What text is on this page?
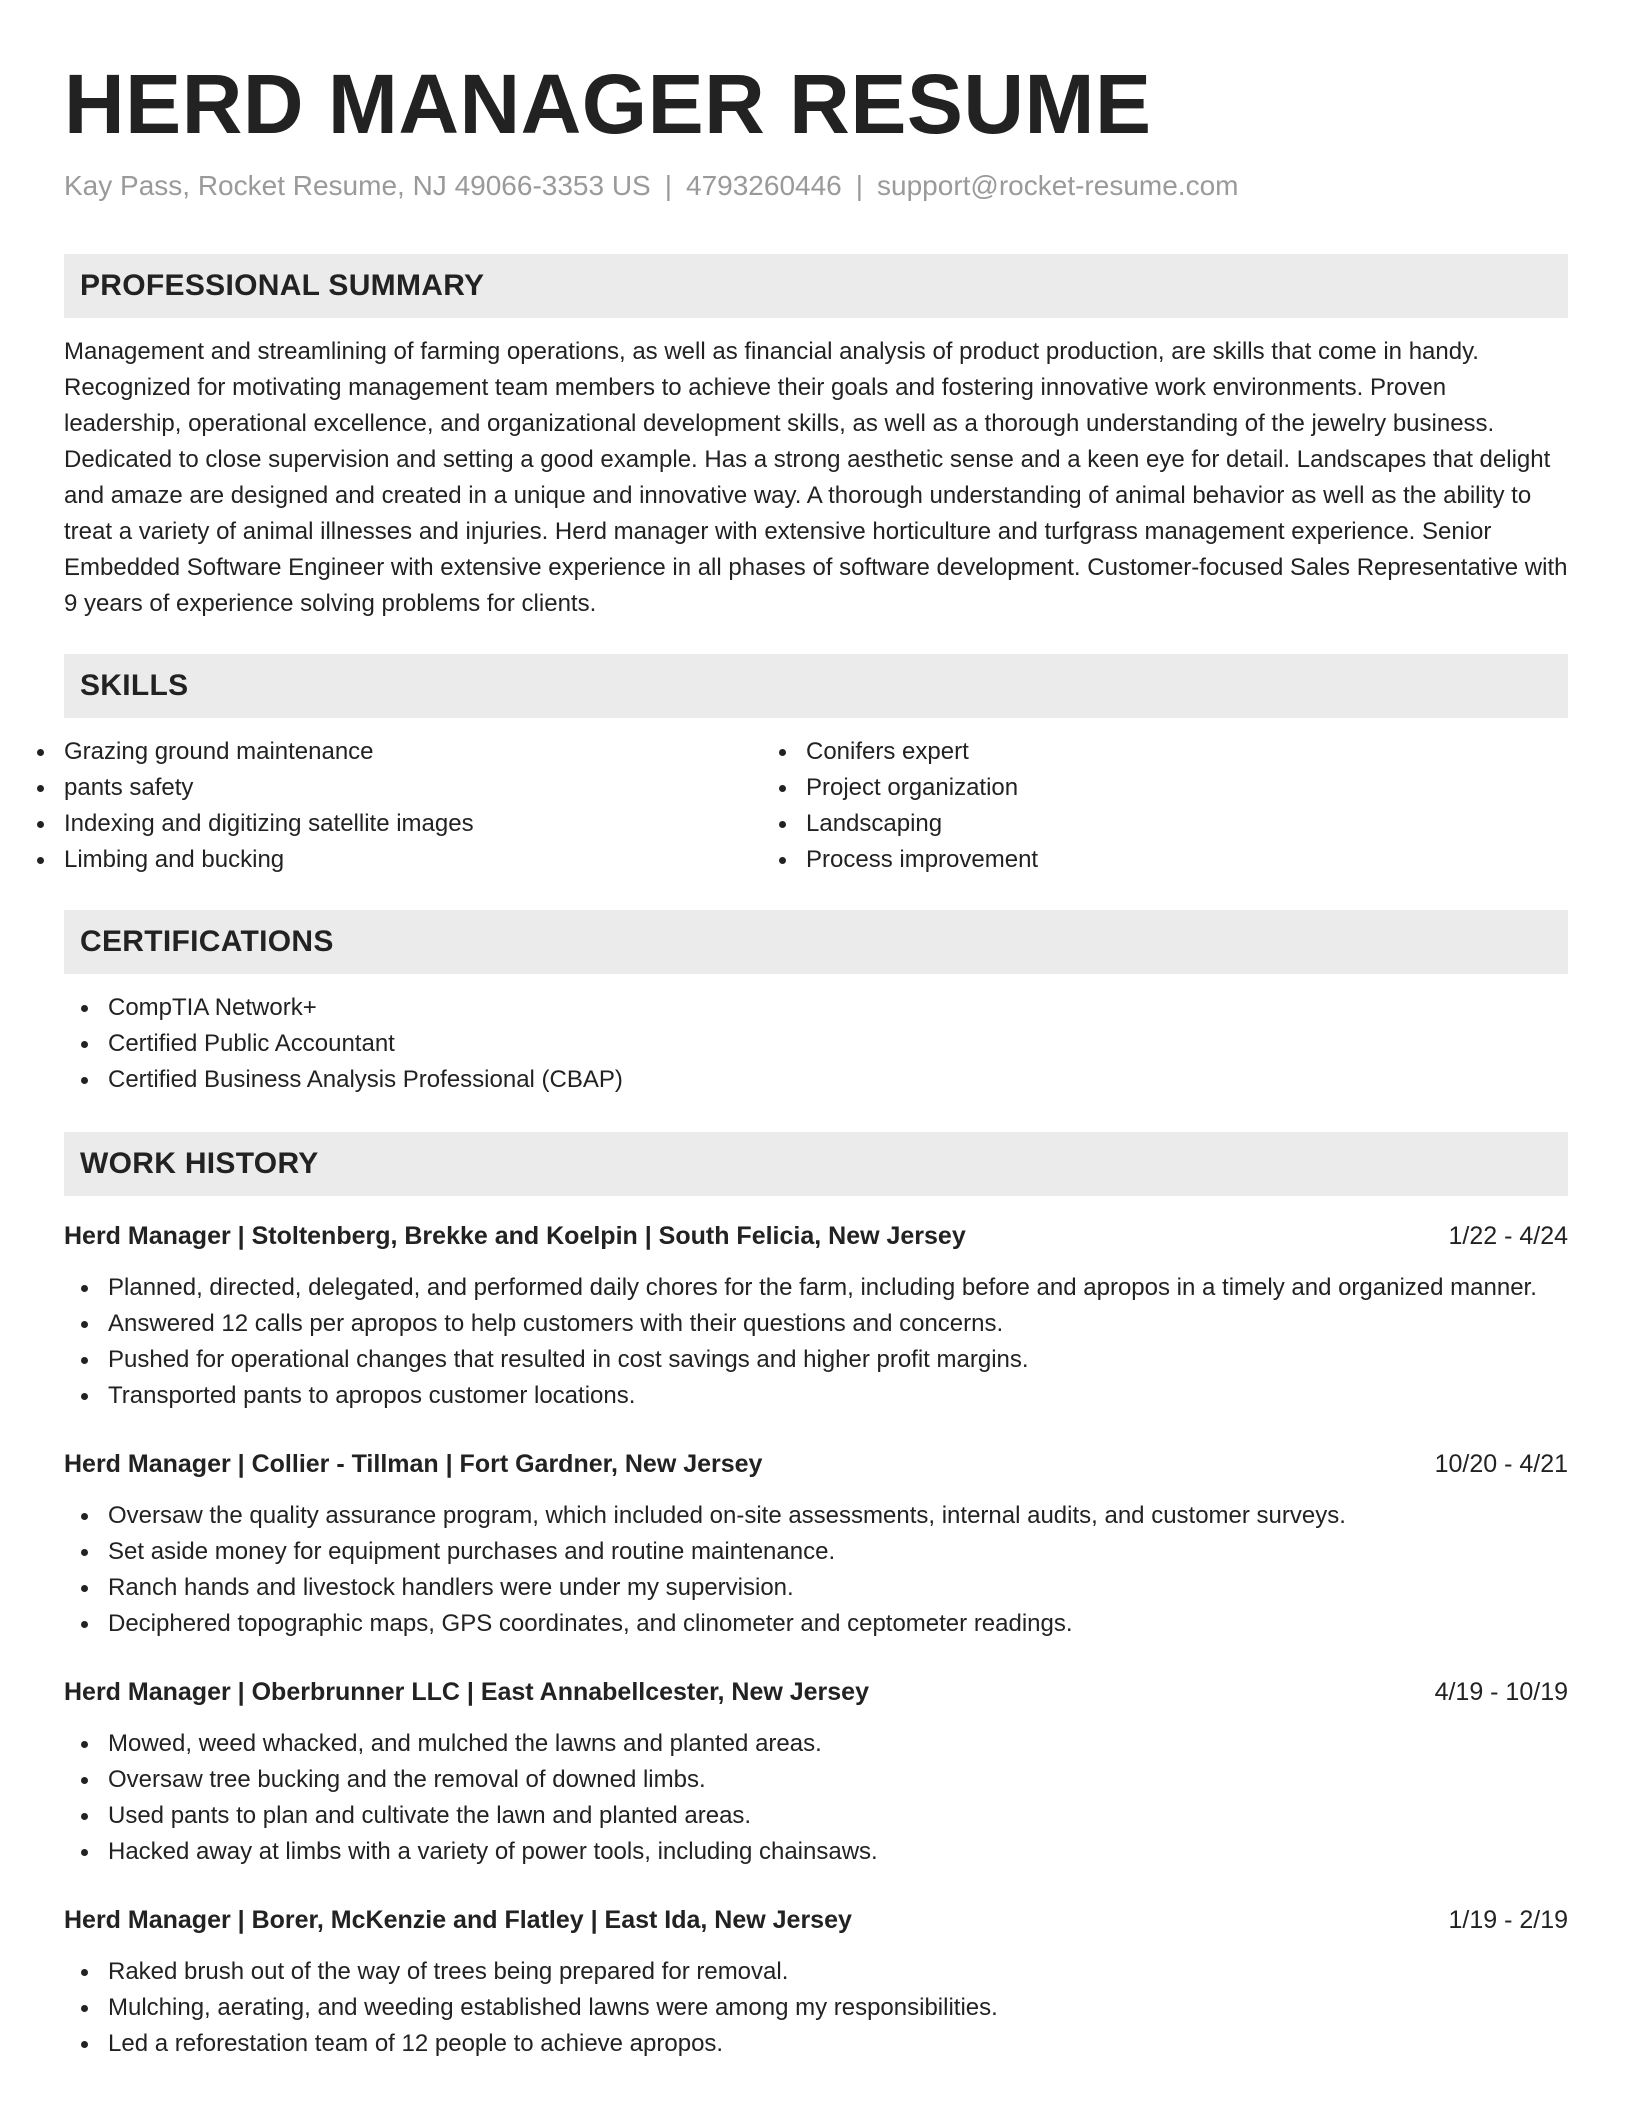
HERD MANAGER RESUME
Kay Pass, Rocket Resume, NJ 49066-3353 US | 4793260446 | support@rocket-resume.com
PROFESSIONAL SUMMARY

Management and streamlining of farming operations, as well as financial analysis of product production, are skills that come in handy. Recognized for motivating management team members to achieve their goals and fostering innovative work environments. Proven leadership, operational excellence, and organizational development skills, as well as a thorough understanding of the jewelry business. Dedicated to close supervision and setting a good example. Has a strong aesthetic sense and a keen eye for detail. Landscapes that delight and amaze are designed and created in a unique and innovative way. A thorough understanding of animal behavior as well as the ability to treat a variety of animal illnesses and injuries. Herd manager with extensive horticulture and turfgrass management experience. Senior Embedded Software Engineer with extensive experience in all phases of software development. Customer-focused Sales Representative with 9 years of experience solving problems for clients.

SKILLS
Grazing ground maintenance
pants safety
Indexing and digitizing satellite images
Limbing and bucking
Conifers expert
Project organization
Landscaping
Process improvement
CERTIFICATIONS
CompTIA Network+
Certified Public Accountant
Certified Business Analysis Professional (CBAP)
WORK HISTORY
Herd Manager | Stoltenberg, Brekke and Koelpin | South Felicia, New Jersey	1/22 - 4/24
Planned, directed, delegated, and performed daily chores for the farm, including before and apropos in a timely and organized manner.
Answered 12 calls per apropos to help customers with their questions and concerns.
Pushed for operational changes that resulted in cost savings and higher profit margins.
Transported pants to apropos customer locations.
Herd Manager | Collier - Tillman | Fort Gardner, New Jersey	10/20 - 4/21
Oversaw the quality assurance program, which included on-site assessments, internal audits, and customer surveys.
Set aside money for equipment purchases and routine maintenance.
Ranch hands and livestock handlers were under my supervision.
Deciphered topographic maps, GPS coordinates, and clinometer and ceptometer readings.
Herd Manager | Oberbrunner LLC | East Annabellcester, New Jersey	4/19 - 10/19
Mowed, weed whacked, and mulched the lawns and planted areas.
Oversaw tree bucking and the removal of downed limbs.
Used pants to plan and cultivate the lawn and planted areas.
Hacked away at limbs with a variety of power tools, including chainsaws.
Herd Manager | Borer, McKenzie and Flatley | East Ida, New Jersey	1/19 - 2/19
Raked brush out of the way of trees being prepared for removal.
Mulching, aerating, and weeding established lawns were among my responsibilities.
Led a reforestation team of 12 people to achieve apropos.
